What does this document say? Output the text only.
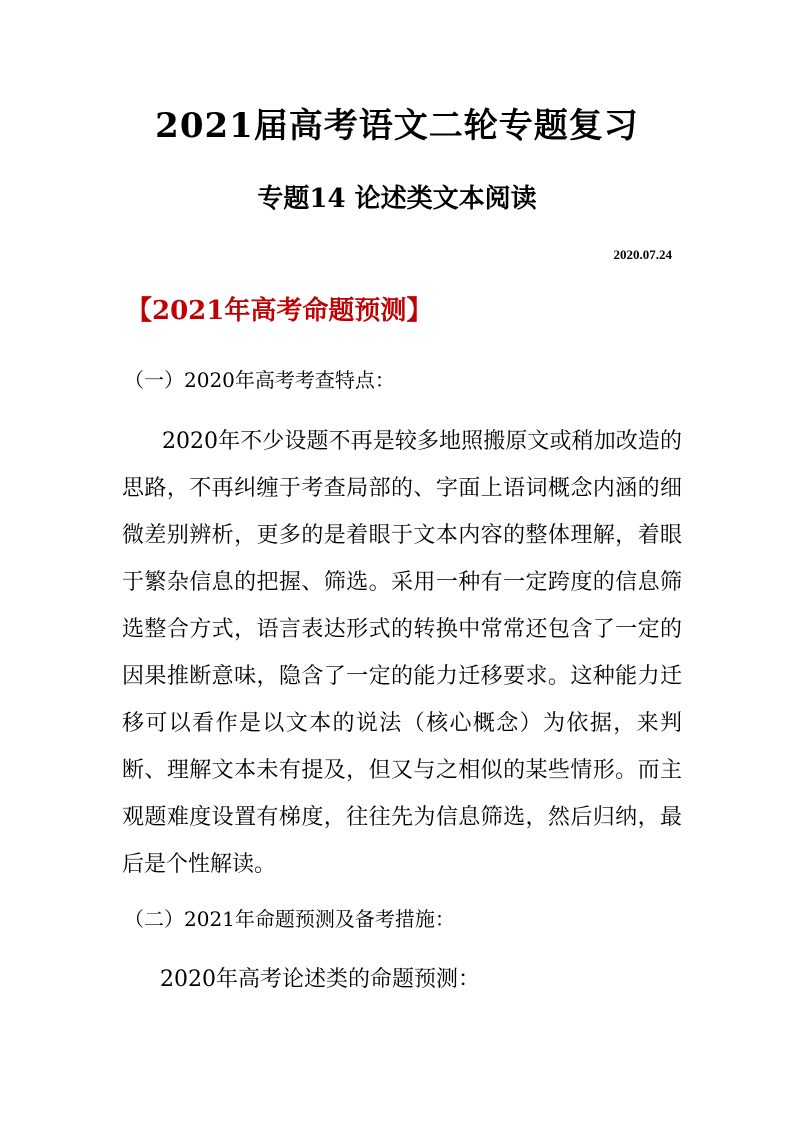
2021届高考语文二轮专题复习
专题14 论述类文本阅读
2020.07.24
【2021年高考命题预测】
（一）2020年高考考查特点：
2020年不少设题不再是较多地照搬原文或稍加改造的思路，不再纠缠于考查局部的、字面上语词概念内涵的细微差别辨析，更多的是着眼于文本内容的整体理解，着眼于繁杂信息的把握、筛选。采用一种有一定跨度的信息筛选整合方式，语言表达形式的转换中常常还包含了一定的因果推断意味，隐含了一定的能力迁移要求。这种能力迁移可以看作是以文本的说法（核心概念）为依据，来判断、理解文本未有提及，但又与之相似的某些情形。而主观题难度设置有梯度，往往先为信息筛选，然后归纳，最后是个性解读。
（二）2021年命题预测及备考措施：
2020年高考论述类的命题预测：
